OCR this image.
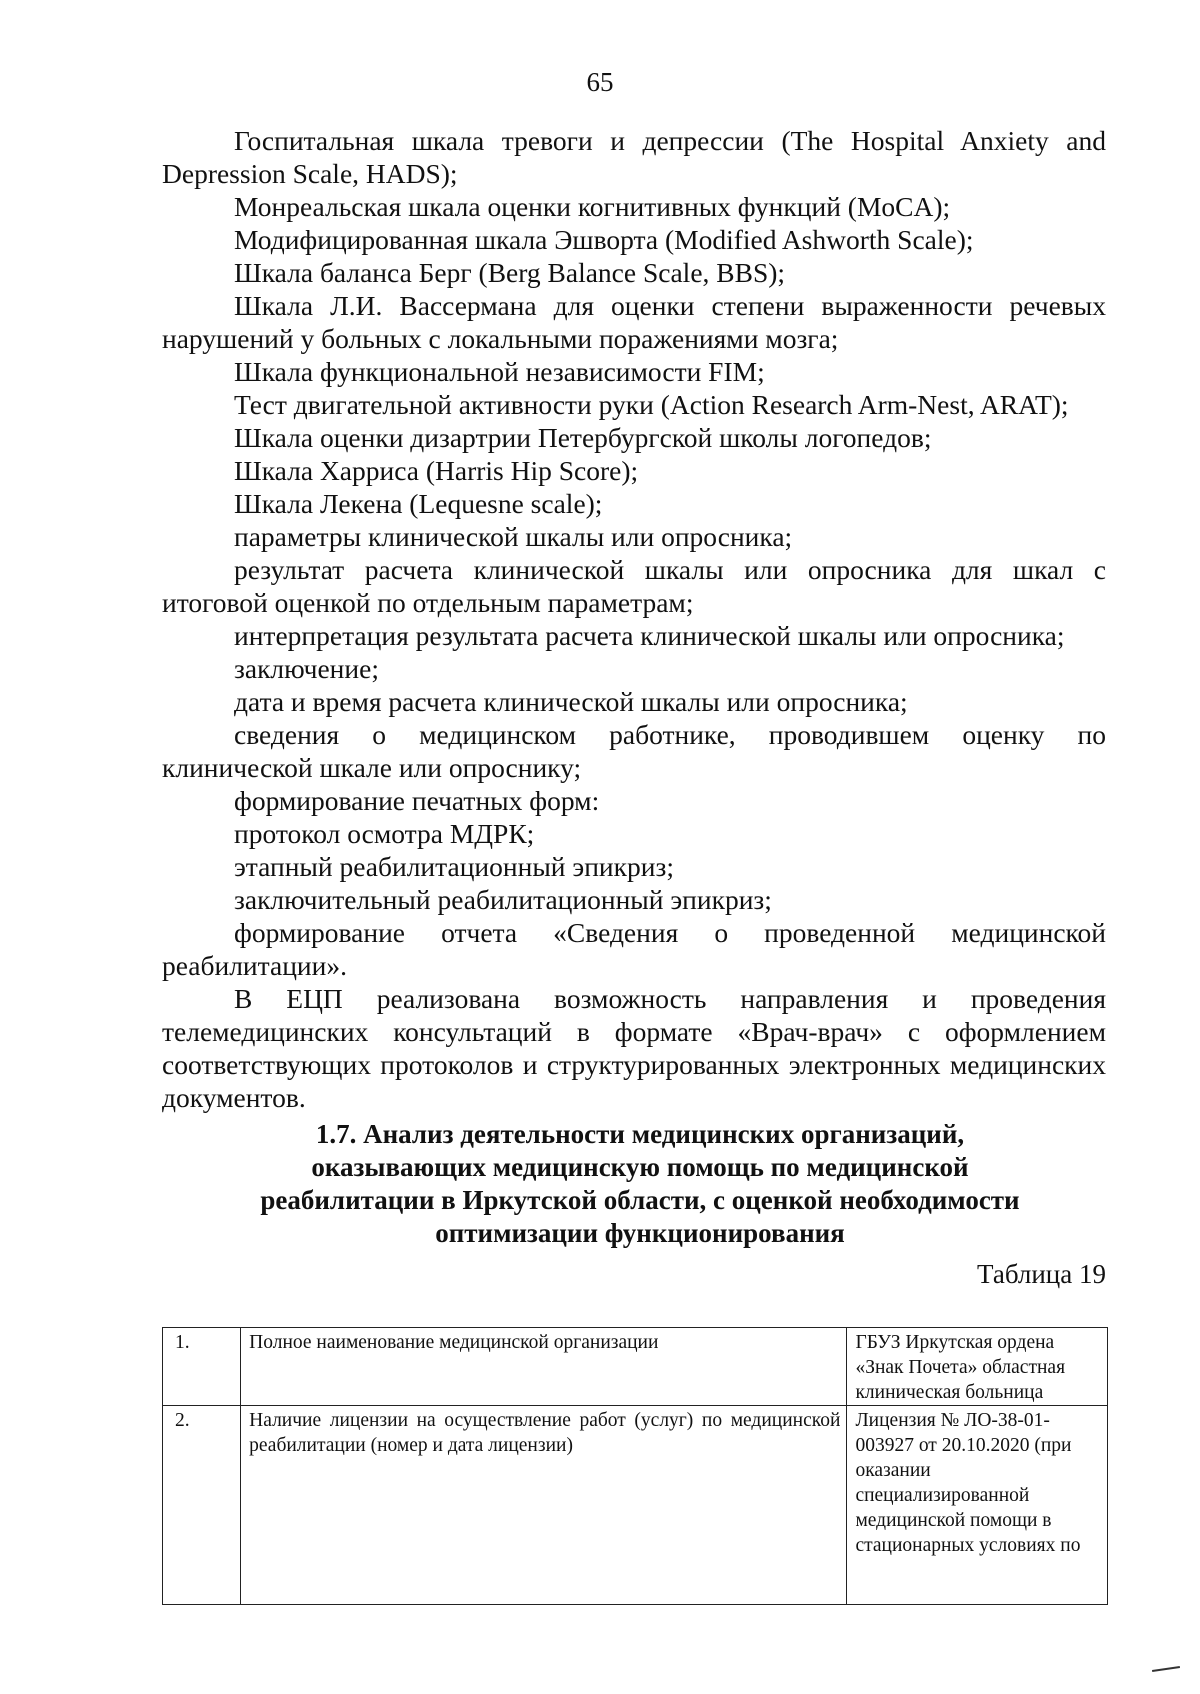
65

Госпитальная шкала тревоги и депрессии (The Hospital Anxiety and Depression Scale, HADS);

Монреальская шкала оценки когнитивных функций (MoCA);

Модифицированная шкала Эшворта (Modified Ashworth Scale);

Шкала баланса Берг (Berg Balance Scale, BBS);

Шкала Л.И. Вассермана для оценки степени выраженности речевых нарушений у больных с локальными поражениями мозга;

Шкала функциональной независимости FIM;

Тест двигательной активности руки (Action Research Arm-Nest, ARAT);

Шкала оценки дизартрии Петербургской школы логопедов;

Шкала Харриса (Harris Hip Score);

Шкала Лекена (Lequesne scale);

параметры клинической шкалы или опросника;

результат расчета клинической шкалы или опросника для шкал с итоговой оценкой по отдельным параметрам;

интерпретация результата расчета клинической шкалы или опросника;

заключение;

дата и время расчета клинической шкалы или опросника;

сведения о медицинском работнике, проводившем оценку по клинической шкале или опроснику;

формирование печатных форм:

протокол осмотра МДРК;

этапный реабилитационный эпикриз;

заключительный реабилитационный эпикриз;

формирование отчета «Сведения о проведенной медицинской реабилитации».

В ЕЦП реализована возможность направления и проведения телемедицинских консультаций в формате «Врач-врач» с оформлением соответствующих протоколов и структурированных электронных медицинских документов.

1.7. Анализ деятельности медицинских организаций,
оказывающих медицинскую помощь по медицинской
реабилитации в Иркутской области, с оценкой необходимости
оптимизации функционирования
Таблица 19
1.	Полное наименование медицинской организации	ГБУЗ Иркутская ордена «Знак Почета» областная клиническая больница
2.	Наличие лицензии на осуществление работ (услуг) по медицинской реабилитации (номер и дата лицензии)	Лицензия № ЛО-38-01-003927 от 20.10.2020 (при оказании специализированной медицинской помощи в стационарных условиях по
